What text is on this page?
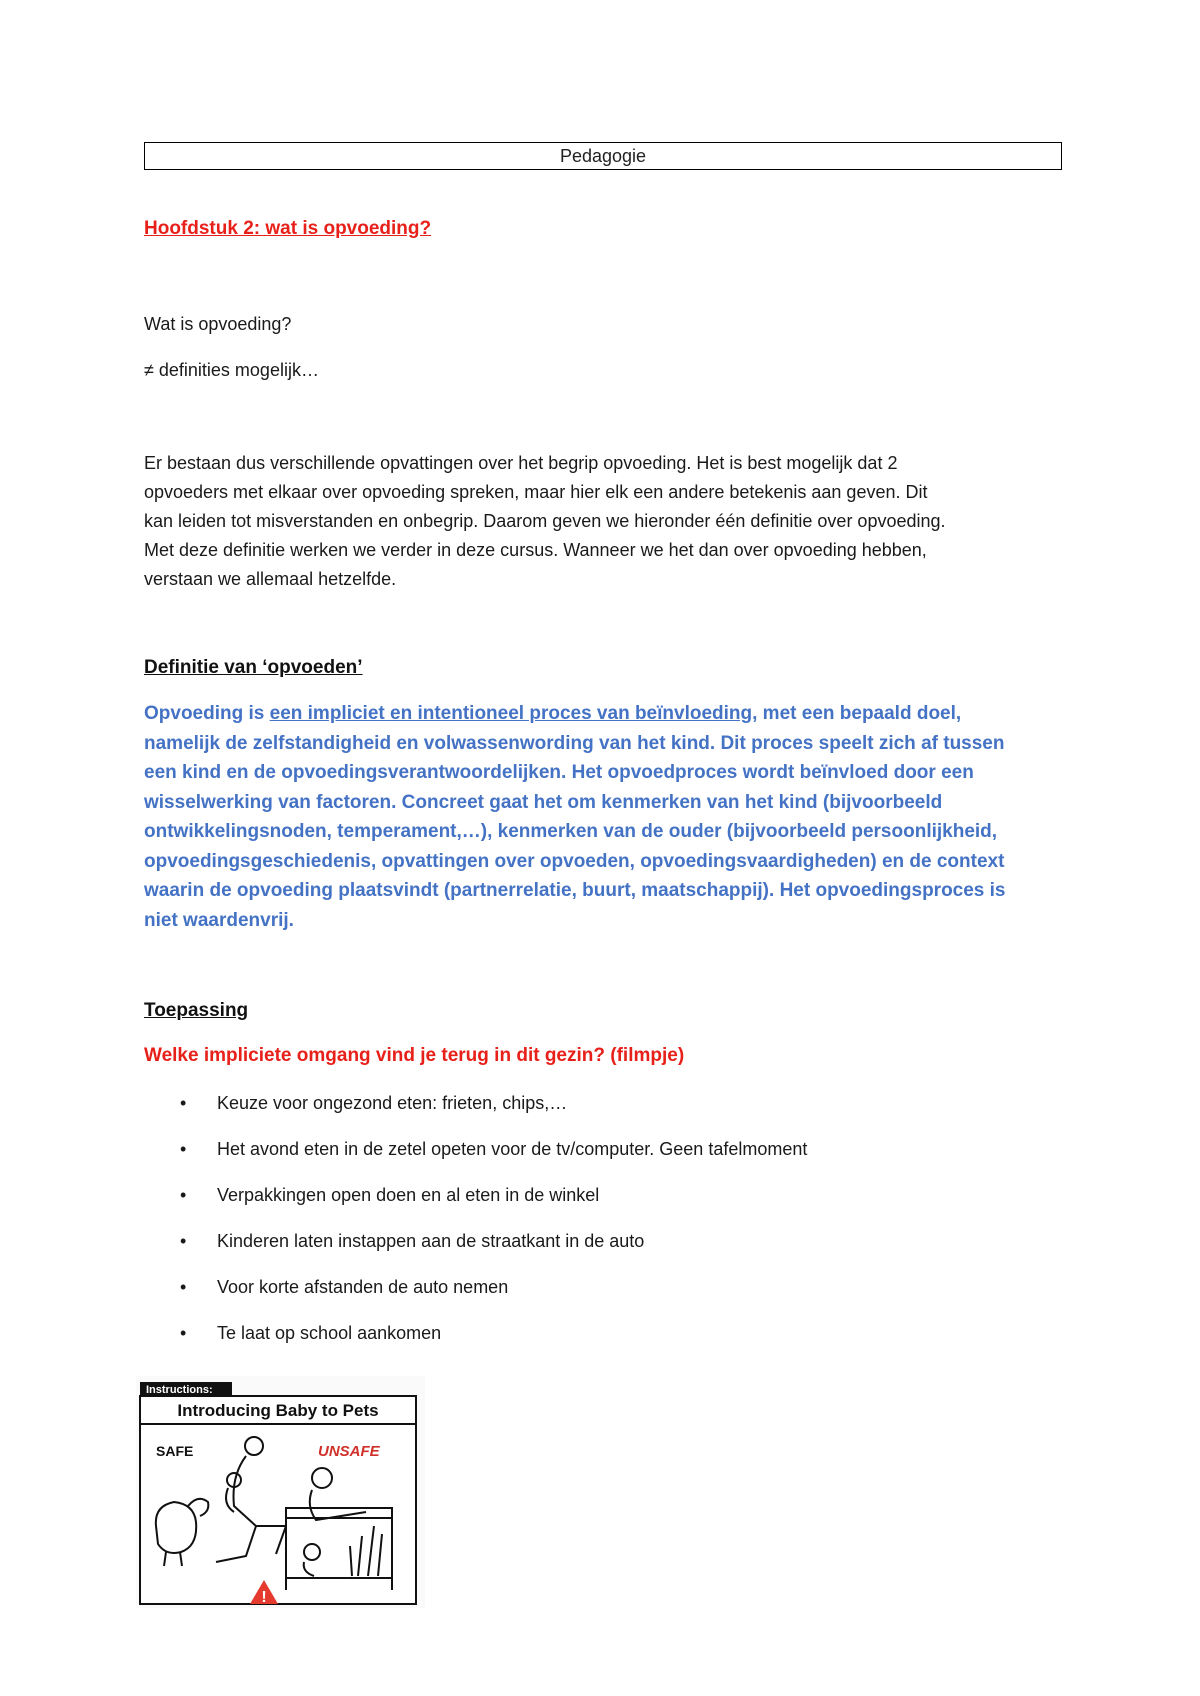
Pedagogie
Hoofdstuk 2: wat is opvoeding?
Wat is opvoeding?
≠ definities mogelijk…
Er bestaan dus verschillende opvattingen over het begrip opvoeding. Het is best mogelijk dat 2
opvoeders met elkaar over opvoeding spreken, maar hier elk een andere betekenis aan geven. Dit
kan leiden tot misverstanden en onbegrip. Daarom geven we hieronder één definitie over opvoeding.
Met deze definitie werken we verder in deze cursus. Wanneer we het dan over opvoeding hebben,
verstaan we allemaal hetzelfde.
Definitie van ‘opvoeden’
Opvoeding is een impliciet en intentioneel proces van beïnvloeding, met een bepaald doel,
namelijk de zelfstandigheid en volwassenwording van het kind. Dit proces speelt zich af tussen
een kind en de opvoedingsverantwoordelijken. Het opvoedproces wordt beïnvloed door een
wisselwerking van factoren. Concreet gaat het om kenmerken van het kind (bijvoorbeeld
ontwikkelingsnoden, temperament,…), kenmerken van de ouder (bijvoorbeeld persoonlijkheid,
opvoedingsgeschiedenis, opvattingen over opvoeden, opvoedingsvaardigheden) en de context
waarin de opvoeding plaatsvindt (partnerrelatie, buurt, maatschappij). Het opvoedingsproces is
niet waardenvrij.
Toepassing
Welke impliciete omgang vind je terug in dit gezin? (filmpje)
• Keuze voor ongezond eten: frieten, chips,…
• Het avond eten in de zetel opeten voor de tv/computer. Geen tafelmoment
• Verpakkingen open doen en al eten in de winkel
• Kinderen laten instappen aan de straatkant in de auto
• Voor korte afstanden de auto nemen
• Te laat op school aankomen
Instructions:
Introducing Baby to Pets
SAFE	UNSAFE
!
